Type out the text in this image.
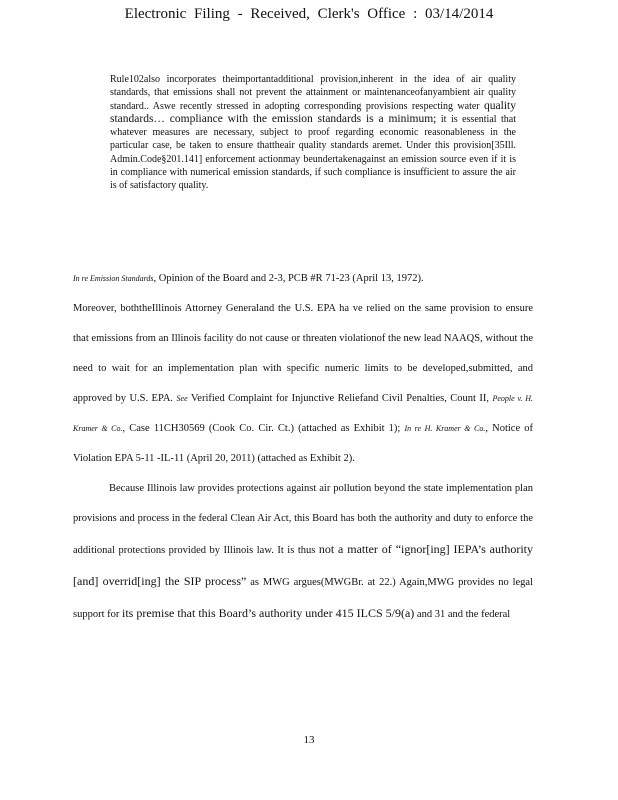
Electronic Filing - Received, Clerk's Office : 03/14/2014
Rule102also incorporates theimportantadditional provision,inherent in the idea of air quality standards, that emissions shall not prevent the attainment or maintenanceofanyambient air quality standard.. Aswe recently stressed in adopting corresponding provisions respecting water quality standards… compliance with the emission standards is a minimum; it is essential that whatever measures are necessary, subject to proof regarding economic reasonableness in the particular case, be taken to ensure thattheair quality standards aremet. Under this provision[35Ill. Admin.Code§201.141] enforcement actionmay beundertakenagainst an emission source even if it is in compliance with numerical emission standards, if such compliance is insufficient to assure the air is of satisfactory quality.

In re Emission Standards, Opinion of the Board and 2-3, PCB #R 71-23 (April 13, 1972).

Moreover, boththeIllinois Attorney Generaland the U.S. EPA ha ve relied on the same provision to ensure that emissions from an Illinois facility do not cause or threaten violationof the new lead NAAQS, without the need to wait for an implementation plan with specific numeric limits to be developed,submitted, and approved by U.S. EPA. See Verified Complaint for Injunctive Reliefand Civil Penalties, Count II, People v. H. Kramer & Co., Case 11CH30569 (Cook Co. Cir. Ct.) (attached as Exhibit 1); In re H. Kramer & Co., Notice of Violation EPA 5-11 -IL-11 (April 20, 2011) (attached as Exhibit 2).

Because Illinois law provides protections against air pollution beyond the state implementation plan provisions and process in the federal Clean Air Act, this Board has both the authority and duty to enforce the additional protections provided by Illinois law. It is thus not a matter of “ignor[ing] IEPA’s authority [and] overrid[ing] the SIP process” as MWG argues(MWGBr. at 22.) Again,MWG provides no legal support for its premise that this Board’s authority under 415 ILCS 5/9(a) and 31 and the federal

13
